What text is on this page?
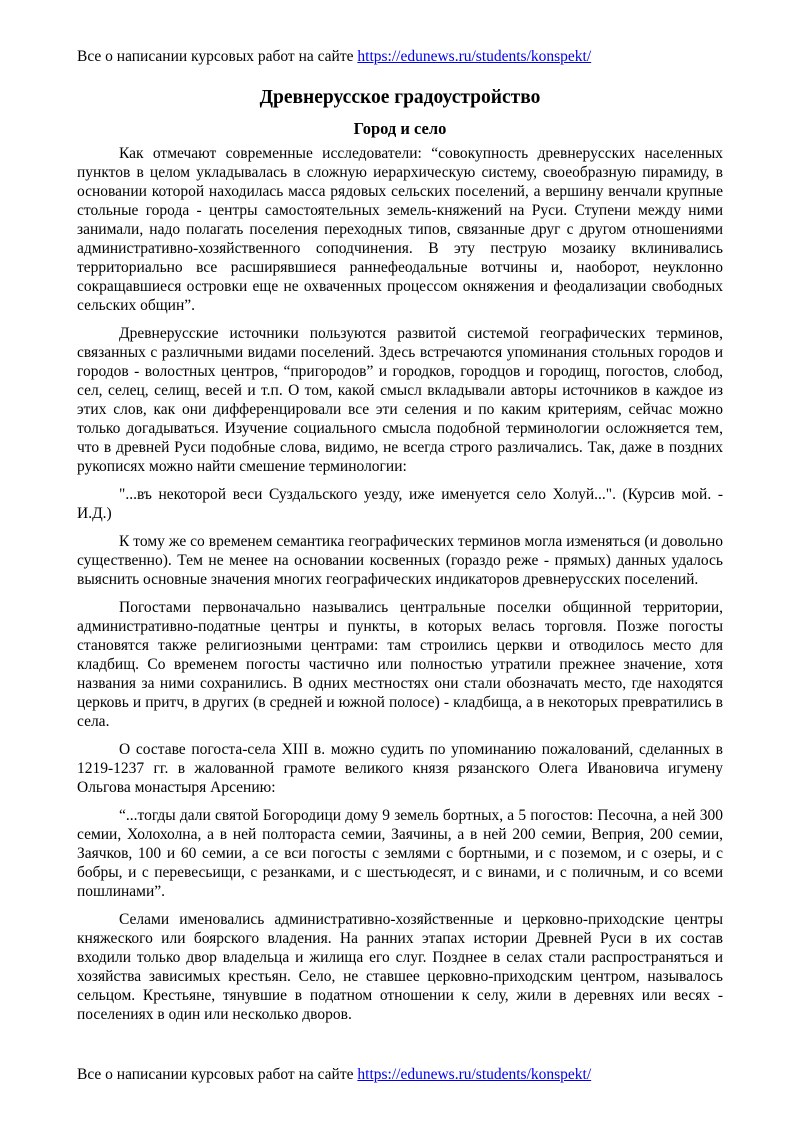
Все о написании курсовых работ на сайте https://edunews.ru/students/konspekt/
Древнерусское градоустройство
Город и село

Как отмечают современные исследователи: “совокупность древнерусских населенных пунктов в целом укладывалась в сложную иерархическую систему, своеобразную пирамиду, в основании которой находилась масса рядовых сельских поселений, а вершину венчали крупные стольные города - центры самостоятельных земель-княжений на Руси. Ступени между ними занимали, надо полагать поселения переходных типов, связанные друг с другом отношениями административно-хозяйственного соподчинения. В эту пеструю мозаику вклинивались территориально все расширявшиеся раннефеодальные вотчины и, наоборот, неуклонно сокращавшиеся островки еще не охваченных процессом окняжения и феодализации свободных сельских общин”.

Древнерусские источники пользуются развитой системой географических терминов, связанных с различными видами поселений. Здесь встречаются упоминания стольных городов и городов - волостных центров, “пригородов” и городков, городцов и городищ, погостов, слобод, сел, селец, селищ, весей и т.п. О том, какой смысл вкладывали авторы источников в каждое из этих слов, как они дифференцировали все эти селения и по каким критериям, сейчас можно только догадываться. Изучение социального смысла подобной терминологии осложняется тем, что в древней Руси подобные слова, видимо, не всегда строго различались. Так, даже в поздних рукописях можно найти смешение терминологии:

"...въ некоторой веси Суздальского уезду, иже именуется село Холуй...". (Курсив мой. - И.Д.)

К тому же со временем семантика географических терминов могла изменяться (и довольно существенно). Тем не менее на основании косвенных (гораздо реже - прямых) данных удалось выяснить основные значения многих географических индикаторов древнерусских поселений.

Погостами первоначально назывались центральные поселки общинной территории, административно-податные центры и пункты, в которых велась торговля. Позже погосты становятся также религиозными центрами: там строились церкви и отводилось место для кладбищ. Со временем погосты частично или полностью утратили прежнее значение, хотя названия за ними сохранились. В одних местностях они стали обозначать место, где находятся церковь и притч, в других (в средней и южной полосе) - кладбища, а в некоторых превратились в села.

О составе погоста-села XIII в. можно судить по упоминанию пожалований, сделанных в 1219-1237 гг. в жалованной грамоте великого князя рязанского Олега Ивановича игумену Ольгова монастыря Арсению:

“...тогды дали святой Богородици дому 9 земель бортных, а 5 погостов: Песочна, а ней 300 семии, Холохолна, а в ней полтораста семии, Заячины, а в ней 200 семии, Веприя, 200 семии, Заячков, 100 и 60 семии, а се вси погосты с землями с бортными, и с поземом, и с озеры, и с бобры, и с перевесьищи, с резанками, и с шестьюдесят, и с винами, и с поличным, и со всеми пошлинами”.

Селами именовались административно-хозяйственные и церковно-приходские центры княжеского или боярского владения. На ранних этапах истории Древней Руси в их состав входили только двор владельца и жилища его слуг. Позднее в селах стали распространяться и хозяйства зависимых крестьян. Село, не ставшее церковно-приходским центром, называлось сельцом. Крестьяне, тянувшие в податном отношении к селу, жили в деревнях или весях - поселениях в один или несколько дворов.

Все о написании курсовых работ на сайте https://edunews.ru/students/konspekt/
